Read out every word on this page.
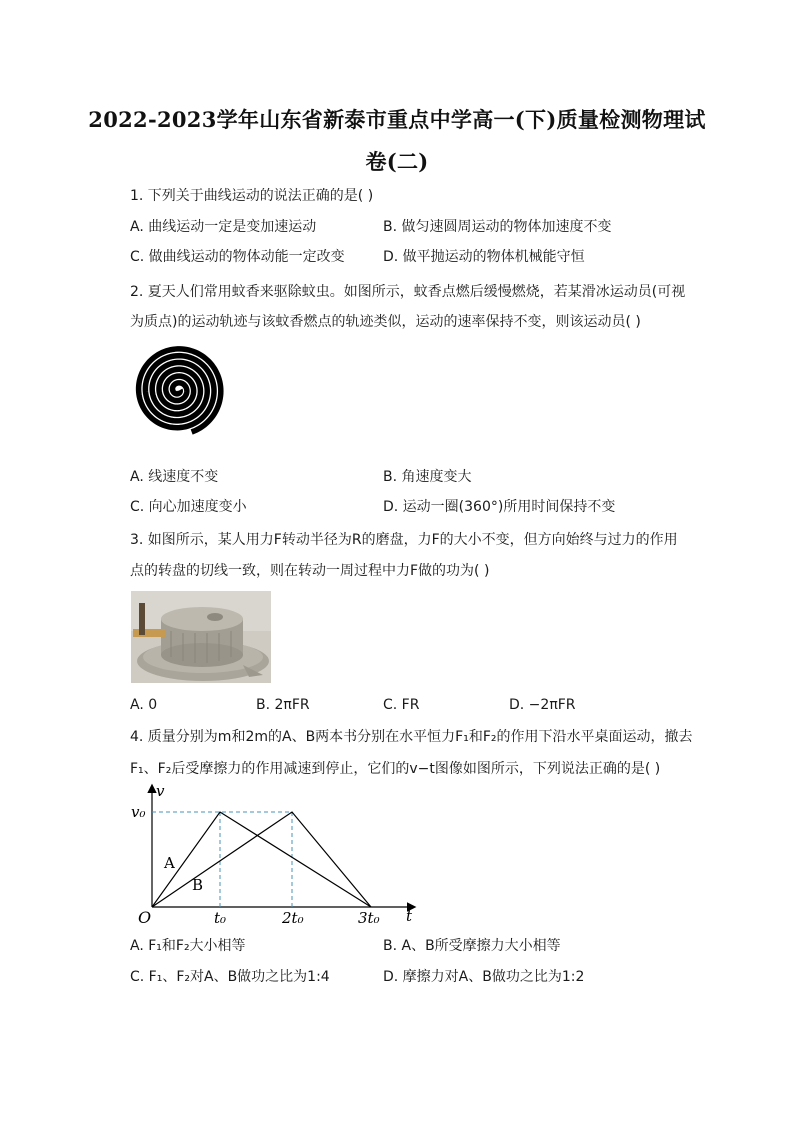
2022-2023学年山东省新泰市重点中学高一(下)质量检测物理试
卷(二)
1. 下列关于曲线运动的说法正确的是( )
A. 曲线运动一定是变加速运动	B. 做匀速圆周运动的物体加速度不变
C. 做曲线运动的物体动能一定改变	D. 做平抛运动的物体机械能守恒
2. 夏天人们常用蚊香来驱除蚊虫。如图所示，蚊香点燃后缓慢燃烧，若某滑冰运动员(可视
为质点)的运动轨迹与该蚊香燃点的轨迹类似，运动的速率保持不变，则该运动员( )
A. 线速度不变	B. 角速度变大
C. 向心加速度变小	D. 运动一圈(360°)所用时间保持不变
3. 如图所示，某人用力F转动半径为R的磨盘，力F的大小不变，但方向始终与过力的作用
点的转盘的切线一致，则在转动一周过程中力F做的功为( )
A. 0	B. 2πFR	C. FR	D. −2πFR
4. 质量分别为m和2m的A、B两本书分别在水平恒力F₁和F₂的作用下沿水平桌面运动，撤去
F₁、F₂后受摩擦力的作用减速到停止，它们的v−t图像如图所示，下列说法正确的是( )
v
t
O
v₀
t₀	2t₀	3t₀
A
B
A. F₁和F₂大小相等	B. A、B所受摩擦力大小相等
C. F₁、F₂对A、B做功之比为1:4	D. 摩擦力对A、B做功之比为1:2
